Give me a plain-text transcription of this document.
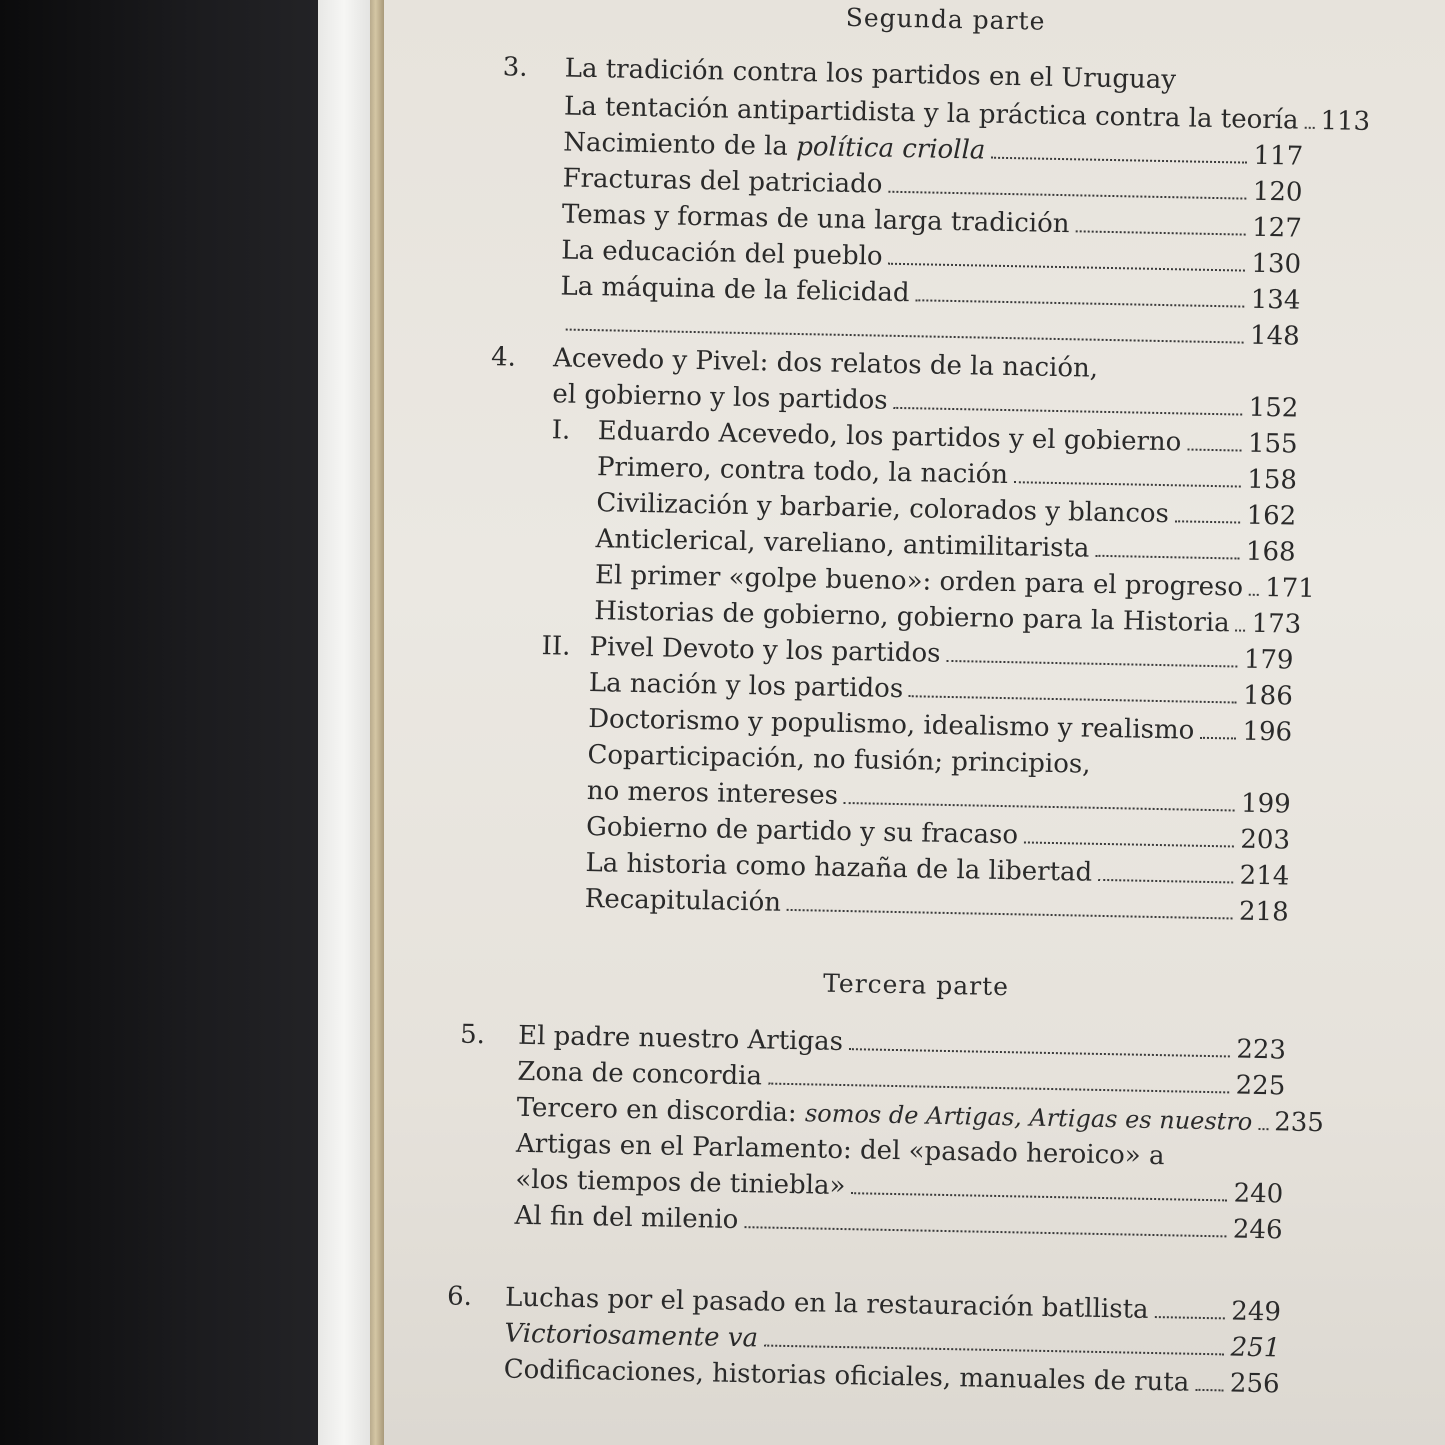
Segunda parte
3. La tradición contra los partidos en el Uruguay
La tentación antipartidista y la práctica contra la teoría 113
Nacimiento de la política criolla	117
Fracturas del patriciado	120
Temas y formas de una larga tradición	127
La educación del pueblo	130
La máquina de la felicidad	134
148
4. Acevedo y Pivel: dos relatos de la nación,
el gobierno y los partidos	152
I.	Eduardo Acevedo, los partidos y el gobierno	155
Primero, contra todo, la nación	158
Civilización y barbarie, colorados y blancos	162
Anticlerical, vareliano, antimilitarista	168
El primer «golpe bueno»: orden para el progreso 171
Historias de gobierno, gobierno para la Historia 173
II. Pivel Devoto y los partidos	179
La nación y los partidos	186
Doctorismo y populismo, idealismo y realismo 196
Coparticipación, no fusión; principios,
no meros intereses	199
Gobierno de partido y su fracaso	203
La historia como hazaña de la libertad	214
Recapitulación	218
Tercera parte
5.	El padre nuestro Artigas	223
Zona de concordia	225
Tercero en discordia: somos de Artigas, Artigas es nuestro 235
Artigas en el Parlamento: del «pasado heroico» a
«los tiempos de tiniebla»	240
Al fin del milenio	246
6.	Luchas por el pasado en la restauración batllista	249
Victoriosamente va	251
Codificaciones, historias oficiales, manuales de ruta 256
